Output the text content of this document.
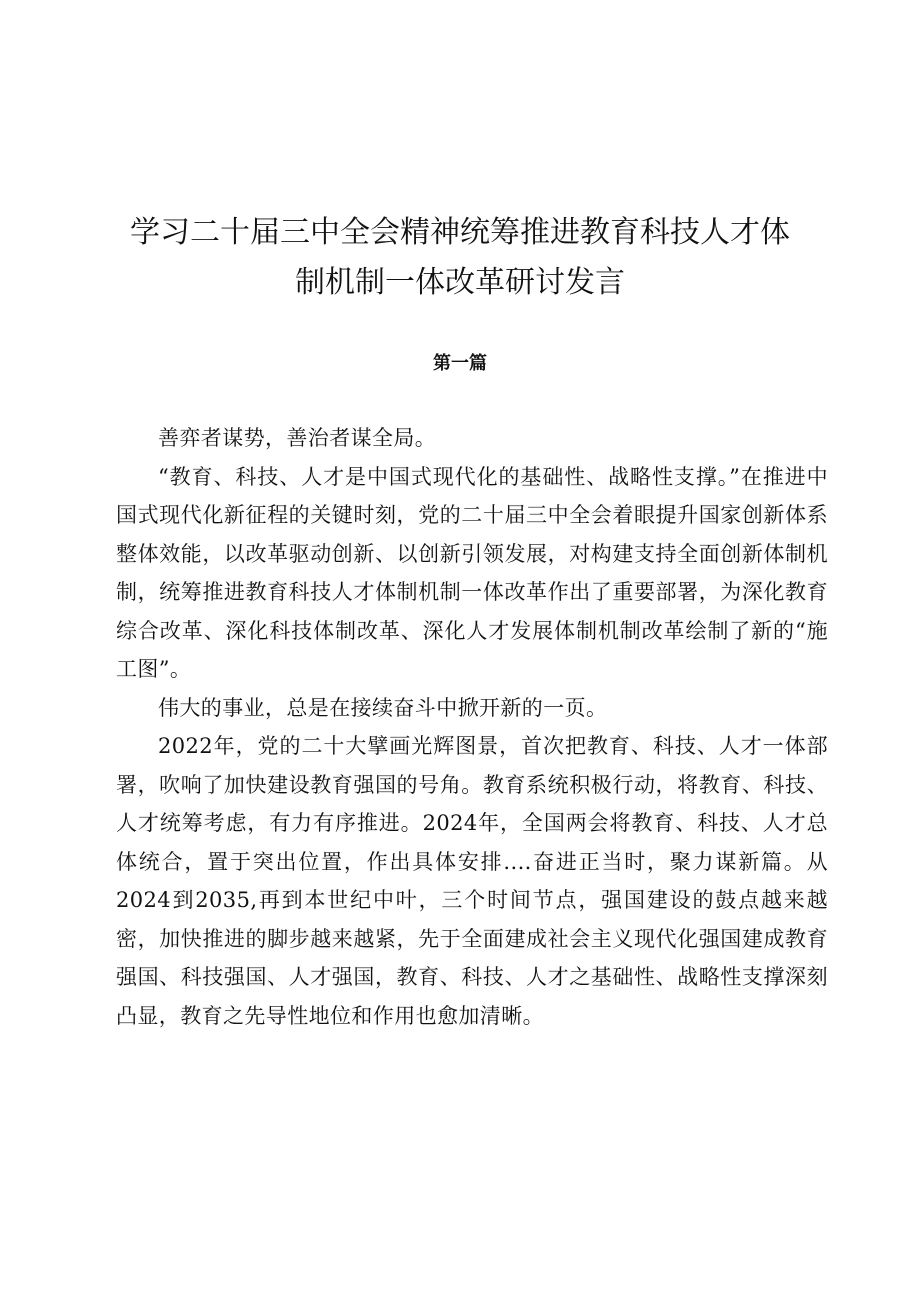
学习二十届三中全会精神统筹推进教育科技人才体
制机制一体改革研讨发言
第一篇

善弈者谋势，善治者谋全局。

“教育、科技、人才是中国式现代化的基础性、战略性支撑。”在推进中国式现代化新征程的关键时刻，党的二十届三中全会着眼提升国家创新体系整体效能，以改革驱动创新、以创新引领发展，对构建支持全面创新体制机制，统筹推进教育科技人才体制机制一体改革作出了重要部署，为深化教育综合改革、深化科技体制改革、深化人才发展体制机制改革绘制了新的“施工图”。

伟大的事业，总是在接续奋斗中掀开新的一页。

2022年，党的二十大擘画光辉图景，首次把教育、科技、人才一体部署，吹响了加快建设教育强国的号角。教育系统积极行动，将教育、科技、人才统筹考虑，有力有序推进。2024年，全国两会将教育、科技、人才总体统合，置于突出位置，作出具体安排....奋进正当时，聚力谋新篇。从2024到2035,再到本世纪中叶，三个时间节点，强国建设的鼓点越来越密，加快推进的脚步越来越紧，先于全面建成社会主义现代化强国建成教育强国、科技强国、人才强国，教育、科技、人才之基础性、战略性支撑深刻凸显，教育之先导性地位和作用也愈加清晰。
